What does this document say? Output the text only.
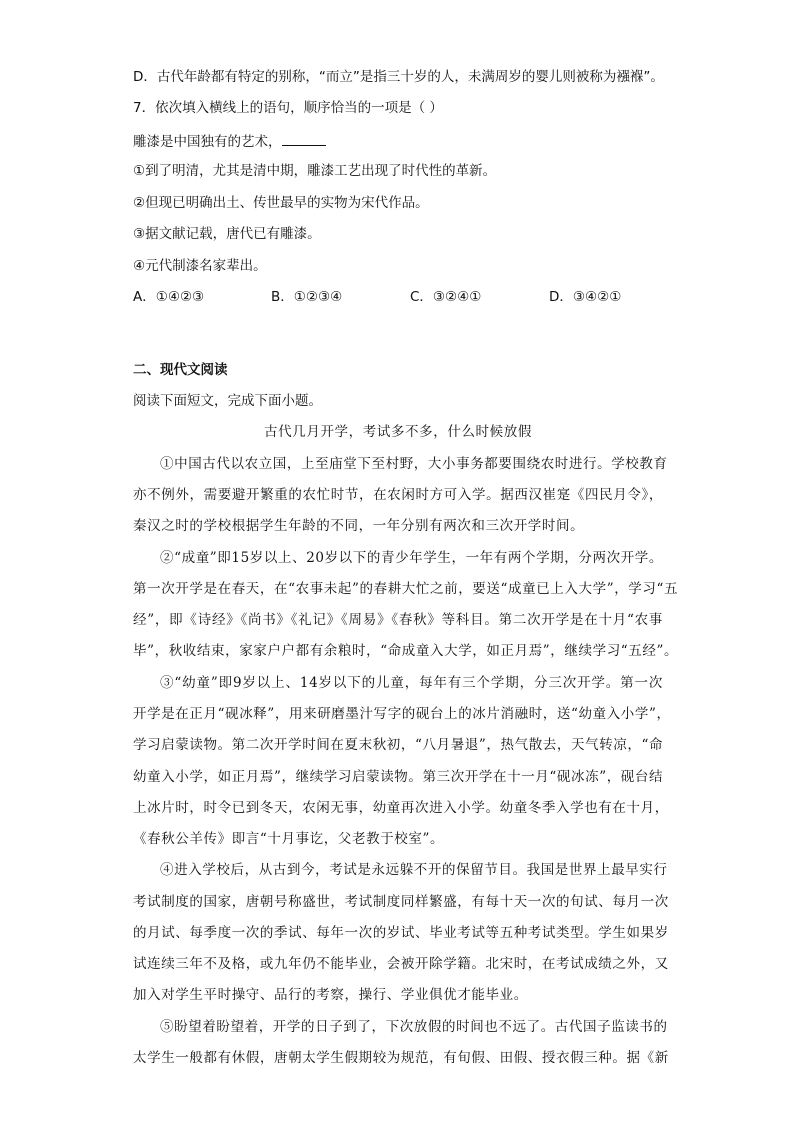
D．古代年龄都有特定的别称，“而立”是指三十岁的人，未满周岁的婴儿则被称为襁褓”。
7．依次填入横线上的语句，顺序恰当的一项是（ ）
雕漆是中国独有的艺术，
①到了明清，尤其是清中期，雕漆工艺出现了时代性的革新。
②但现已明确出土、传世最早的实物为宋代作品。
③据文献记载，唐代已有雕漆。
④元代制漆名家辈出。
A．①④②③	B．①②③④	C．③②④①	D．③④②①
二、现代文阅读
阅读下面短文，完成下面小题。
古代几月开学，考试多不多，什么时候放假
①中国古代以农立国，上至庙堂下至村野，大小事务都要围绕农时进行。学校教育
亦不例外，需要避开繁重的农忙时节，在农闲时方可入学。据西汉崔寔《四民月令》，
秦汉之时的学校根据学生年龄的不同，一年分别有两次和三次开学时间。
②“成童”即15岁以上、20岁以下的青少年学生，一年有两个学期，分两次开学。
第一次开学是在春天，在“农事未起”的春耕大忙之前，要送“成童已上入大学”，学习“五
经”，即《诗经》《尚书》《礼记》《周易》《春秋》等科目。第二次开学是在十月“农事
毕”，秋收结束，家家户户都有余粮时，“命成童入大学，如正月焉”，继续学习“五经”。
③“幼童”即9岁以上、14岁以下的儿童，每年有三个学期，分三次开学。第一次
开学是在正月“砚冰释”，用来研磨墨汁写字的砚台上的冰片消融时，送“幼童入小学”，
学习启蒙读物。第二次开学时间在夏末秋初，“八月暑退”，热气散去，天气转凉，“命
幼童入小学，如正月焉”，继续学习启蒙读物。第三次开学在十一月“砚冰冻”，砚台结
上冰片时，时令已到冬天，农闲无事，幼童再次进入小学。幼童冬季入学也有在十月，
《春秋公羊传》即言“十月事讫，父老教于校室”。
④进入学校后，从古到今，考试是永远躲不开的保留节目。我国是世界上最早实行
考试制度的国家，唐朝号称盛世，考试制度同样繁盛，有每十天一次的旬试、每月一次
的月试、每季度一次的季试、每年一次的岁试、毕业考试等五种考试类型。学生如果岁
试连续三年不及格，或九年仍不能毕业，会被开除学籍。北宋时，在考试成绩之外，又
加入对学生平时操守、品行的考察，操行、学业俱优才能毕业。
⑤盼望着盼望着，开学的日子到了，下次放假的时间也不远了。古代国子监读书的
太学生一般都有休假，唐朝太学生假期较为规范，有旬假、田假、授衣假三种。据《新
